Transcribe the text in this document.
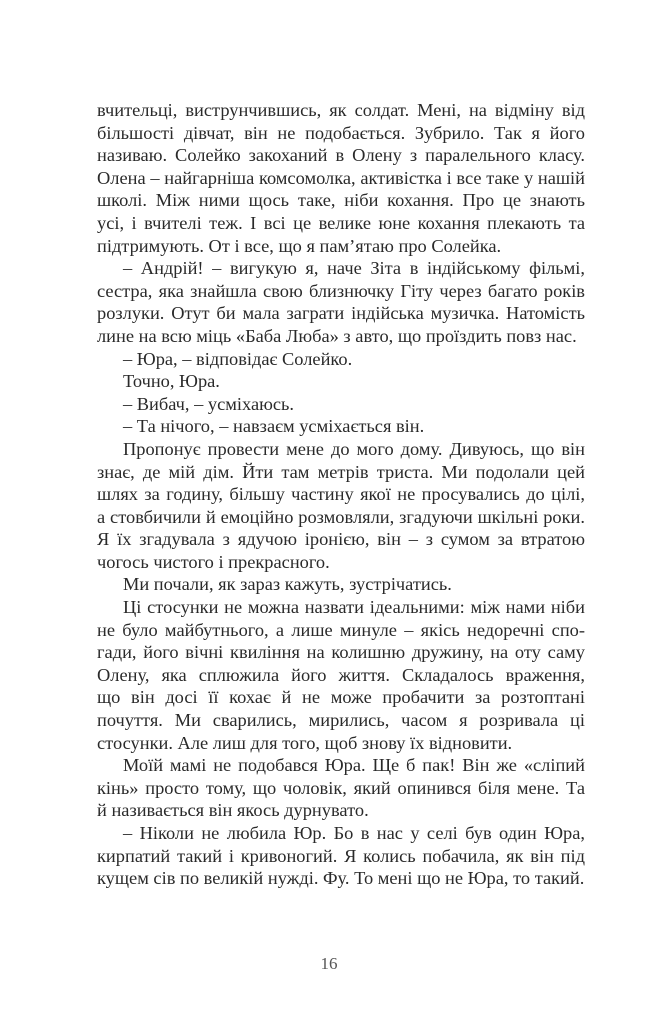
вчительці, виструнчившись, як солдат. Мені, на відміну від
більшості дівчат, він не подобається. Зубрило. Так я його
називаю. Солейко закоханий в Олену з паралельного класу.
Олена – найгарніша комсомолка, активістка і все таке у нашій
школі. Між ними щось таке, ніби кохання. Про це знають
усі, і вчителі теж. І всі це велике юне кохання плекають та
підтримують. От і все, що я пам’ятаю про Солейка.
– Андрій! – вигукую я, наче Зіта в індійському фільмі,
сестра, яка знайшла свою близнючку Гіту через багато років
розлуки. Отут би мала заграти індійська музичка. Натомість
лине на всю міць «Баба Люба» з авто, що проїздить повз нас.
– Юра, – відповідає Солейко.
Точно, Юра.
– Вибач, – усміхаюсь.
– Та нічого, – навзаєм усміхається він.
Пропонує провести мене до мого дому. Дивуюсь, що він
знає, де мій дім. Йти там метрів триста. Ми подолали цей
шлях за годину, більшу частину якої не просувались до цілі,
а стовбичили й емоційно розмовляли, згадуючи шкільні роки.
Я їх згадувала з ядучою іронією, він – з сумом за втратою
чогось чистого і прекрасного.
Ми почали, як зараз кажуть, зустрічатись.
Ці стосунки не можна назвати ідеальними: між нами ніби
не було майбутнього, а лише минуле – якісь недоречні спо-
гади, його вічні квиління на колишню дружину, на оту саму
Олену, яка сплюжила його життя. Складалось враження,
що він досі її кохає й не може пробачити за розтоптані
почуття. Ми сварились, мирились, часом я розривала ці
стосунки. Але лиш для того, щоб знову їх відновити.
Моїй мамі не подобався Юра. Ще б пак! Він же «сліпий
кінь» просто тому, що чоловік, який опинився біля мене. Та
й називається він якось дурнувато.
– Ніколи не любила Юр. Бо в нас у селі був один Юра,
кирпатий такий і кривоногий. Я колись побачила, як він під
кущем сів по великій нужді. Фу. То мені що не Юра, то такий.
16
